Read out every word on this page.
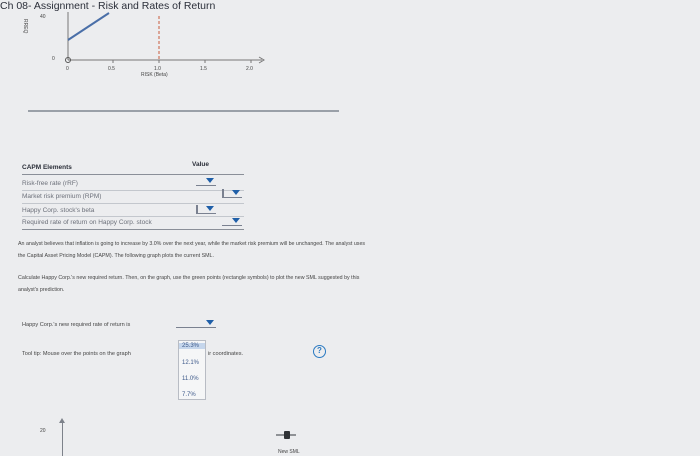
Ch 08- Assignment - Risk and Rates of Return
RREQ
40
0
0	0.5	1.0	1.5	2.0
RISK (Beta)
CAPM Elements	Value
Risk-free rate (rRF)
Market risk premium (RPM)
Happy Corp. stock's beta
Required rate of return on Happy Corp. stock
An analyst believes that inflation is going to increase by 3.0% over the next year, while the market risk premium will be unchanged. The analyst uses
the Capital Asset Pricing Model (CAPM). The following graph plots the current SML.
Calculate Happy Corp.'s new required return. Then, on the graph, use the green points (rectangle symbols) to plot the new SML suggested by this
analyst's prediction.
Happy Corp.'s new required rate of return is
Tool tip: Mouse over the points on the graph	ir coordinates.
25.3%
12.1%
11.0%
7.7%
?
20
New SML
